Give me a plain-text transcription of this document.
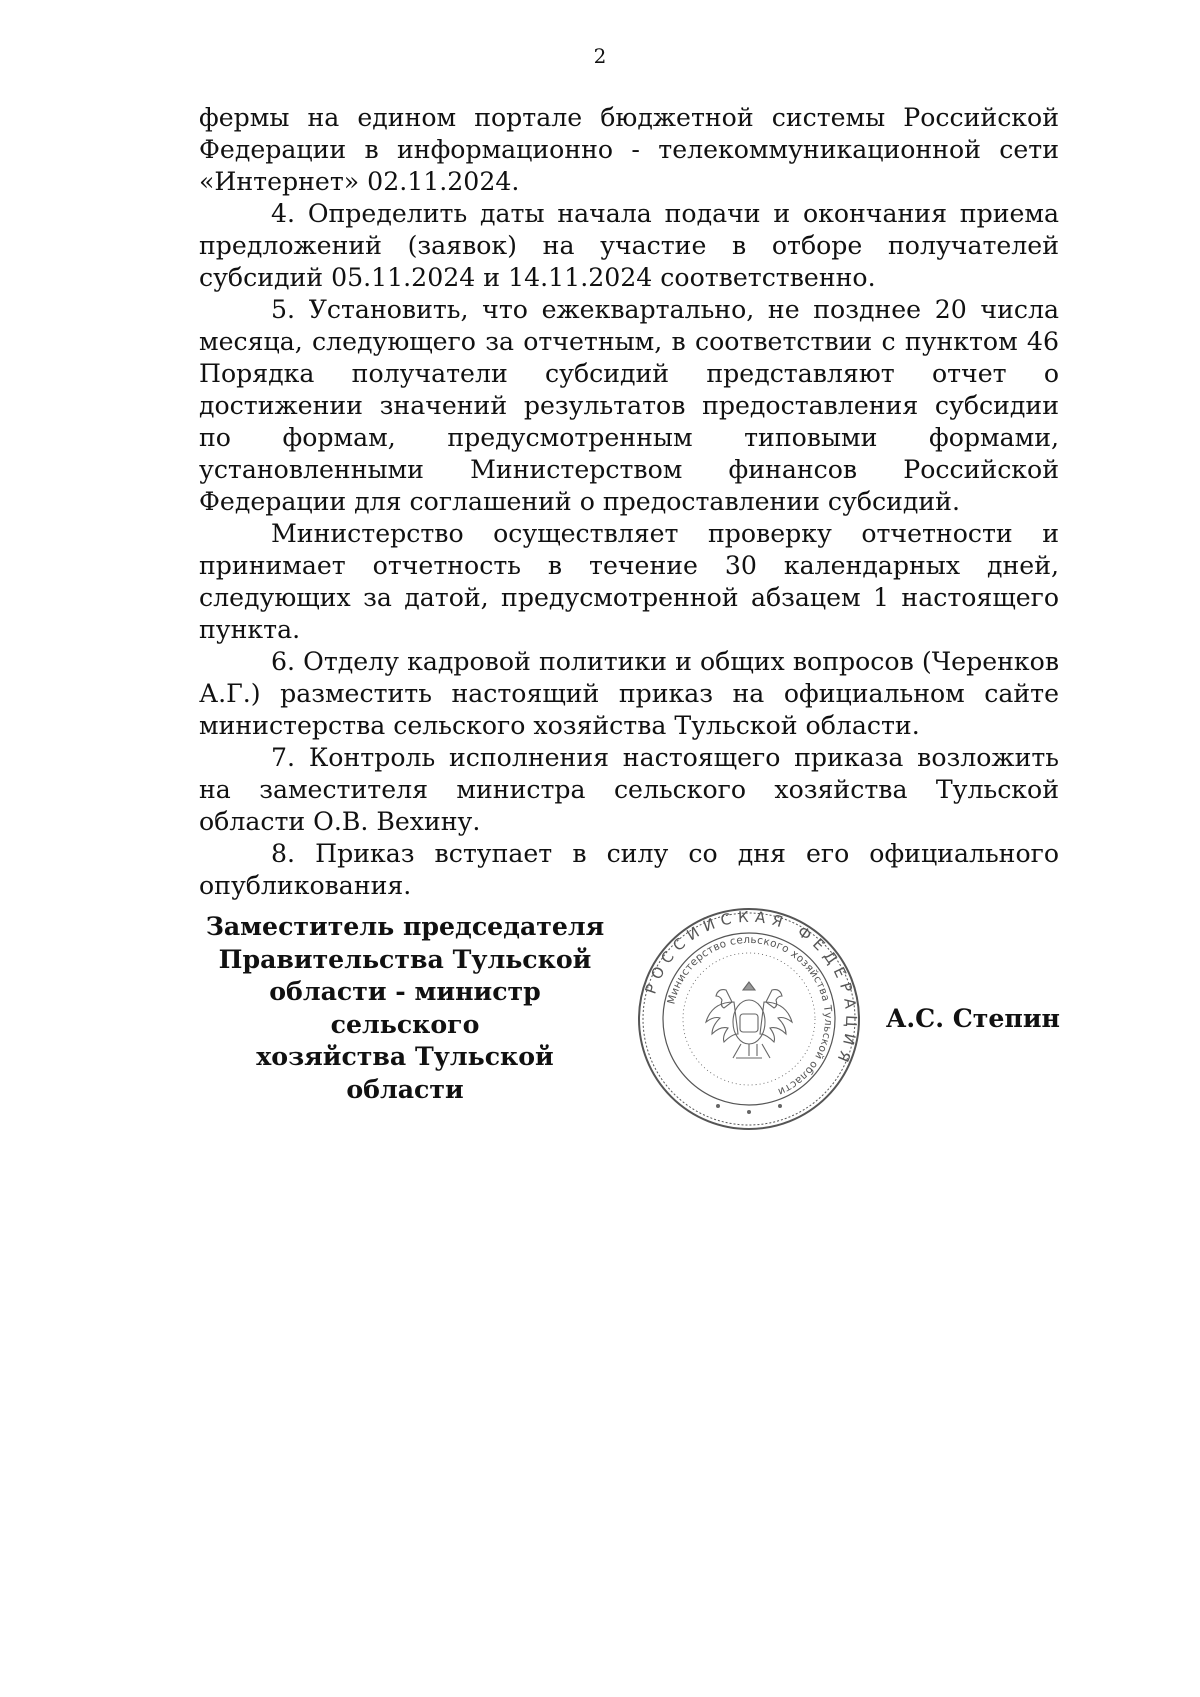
2

фермы на едином портале бюджетной системы Российской Федерации в информационно - телекоммуникационной сети «Интернет» 02.11.2024.

4. Определить даты начала подачи и окончания приема предложений (заявок) на участие в отборе получателей субсидий 05.11.2024 и 14.11.2024 соответственно.

5. Установить, что ежеквартально, не позднее 20 числа месяца, следующего за отчетным, в соответствии с пунктом 46 Порядка получатели субсидий представляют отчет о достижении значений результатов предоставления субсидии по формам, предусмотренным типовыми формами, установленными Министерством финансов Российской Федерации для соглашений о предоставлении субсидий.

Министерство осуществляет проверку отчетности и принимает отчетность в течение 30 календарных дней, следующих за датой, предусмотренной абзацем 1 настоящего пункта.

6. Отделу кадровой политики и общих вопросов (Черенков А.Г.) разместить настоящий приказ на официальном сайте министерства сельского хозяйства Тульской области.

7. Контроль исполнения настоящего приказа возложить на заместителя министра сельского хозяйства Тульской области О.В. Вехину.

8. Приказ вступает в силу со дня его официального опубликования.

Заместитель председателя
Правительства Тульской
области - министр сельского
хозяйства Тульской области
РОССИЙСКАЯ ФЕДЕРАЦИЯ
Министерство сельского хозяйства Тульской области
А.С. Степин
